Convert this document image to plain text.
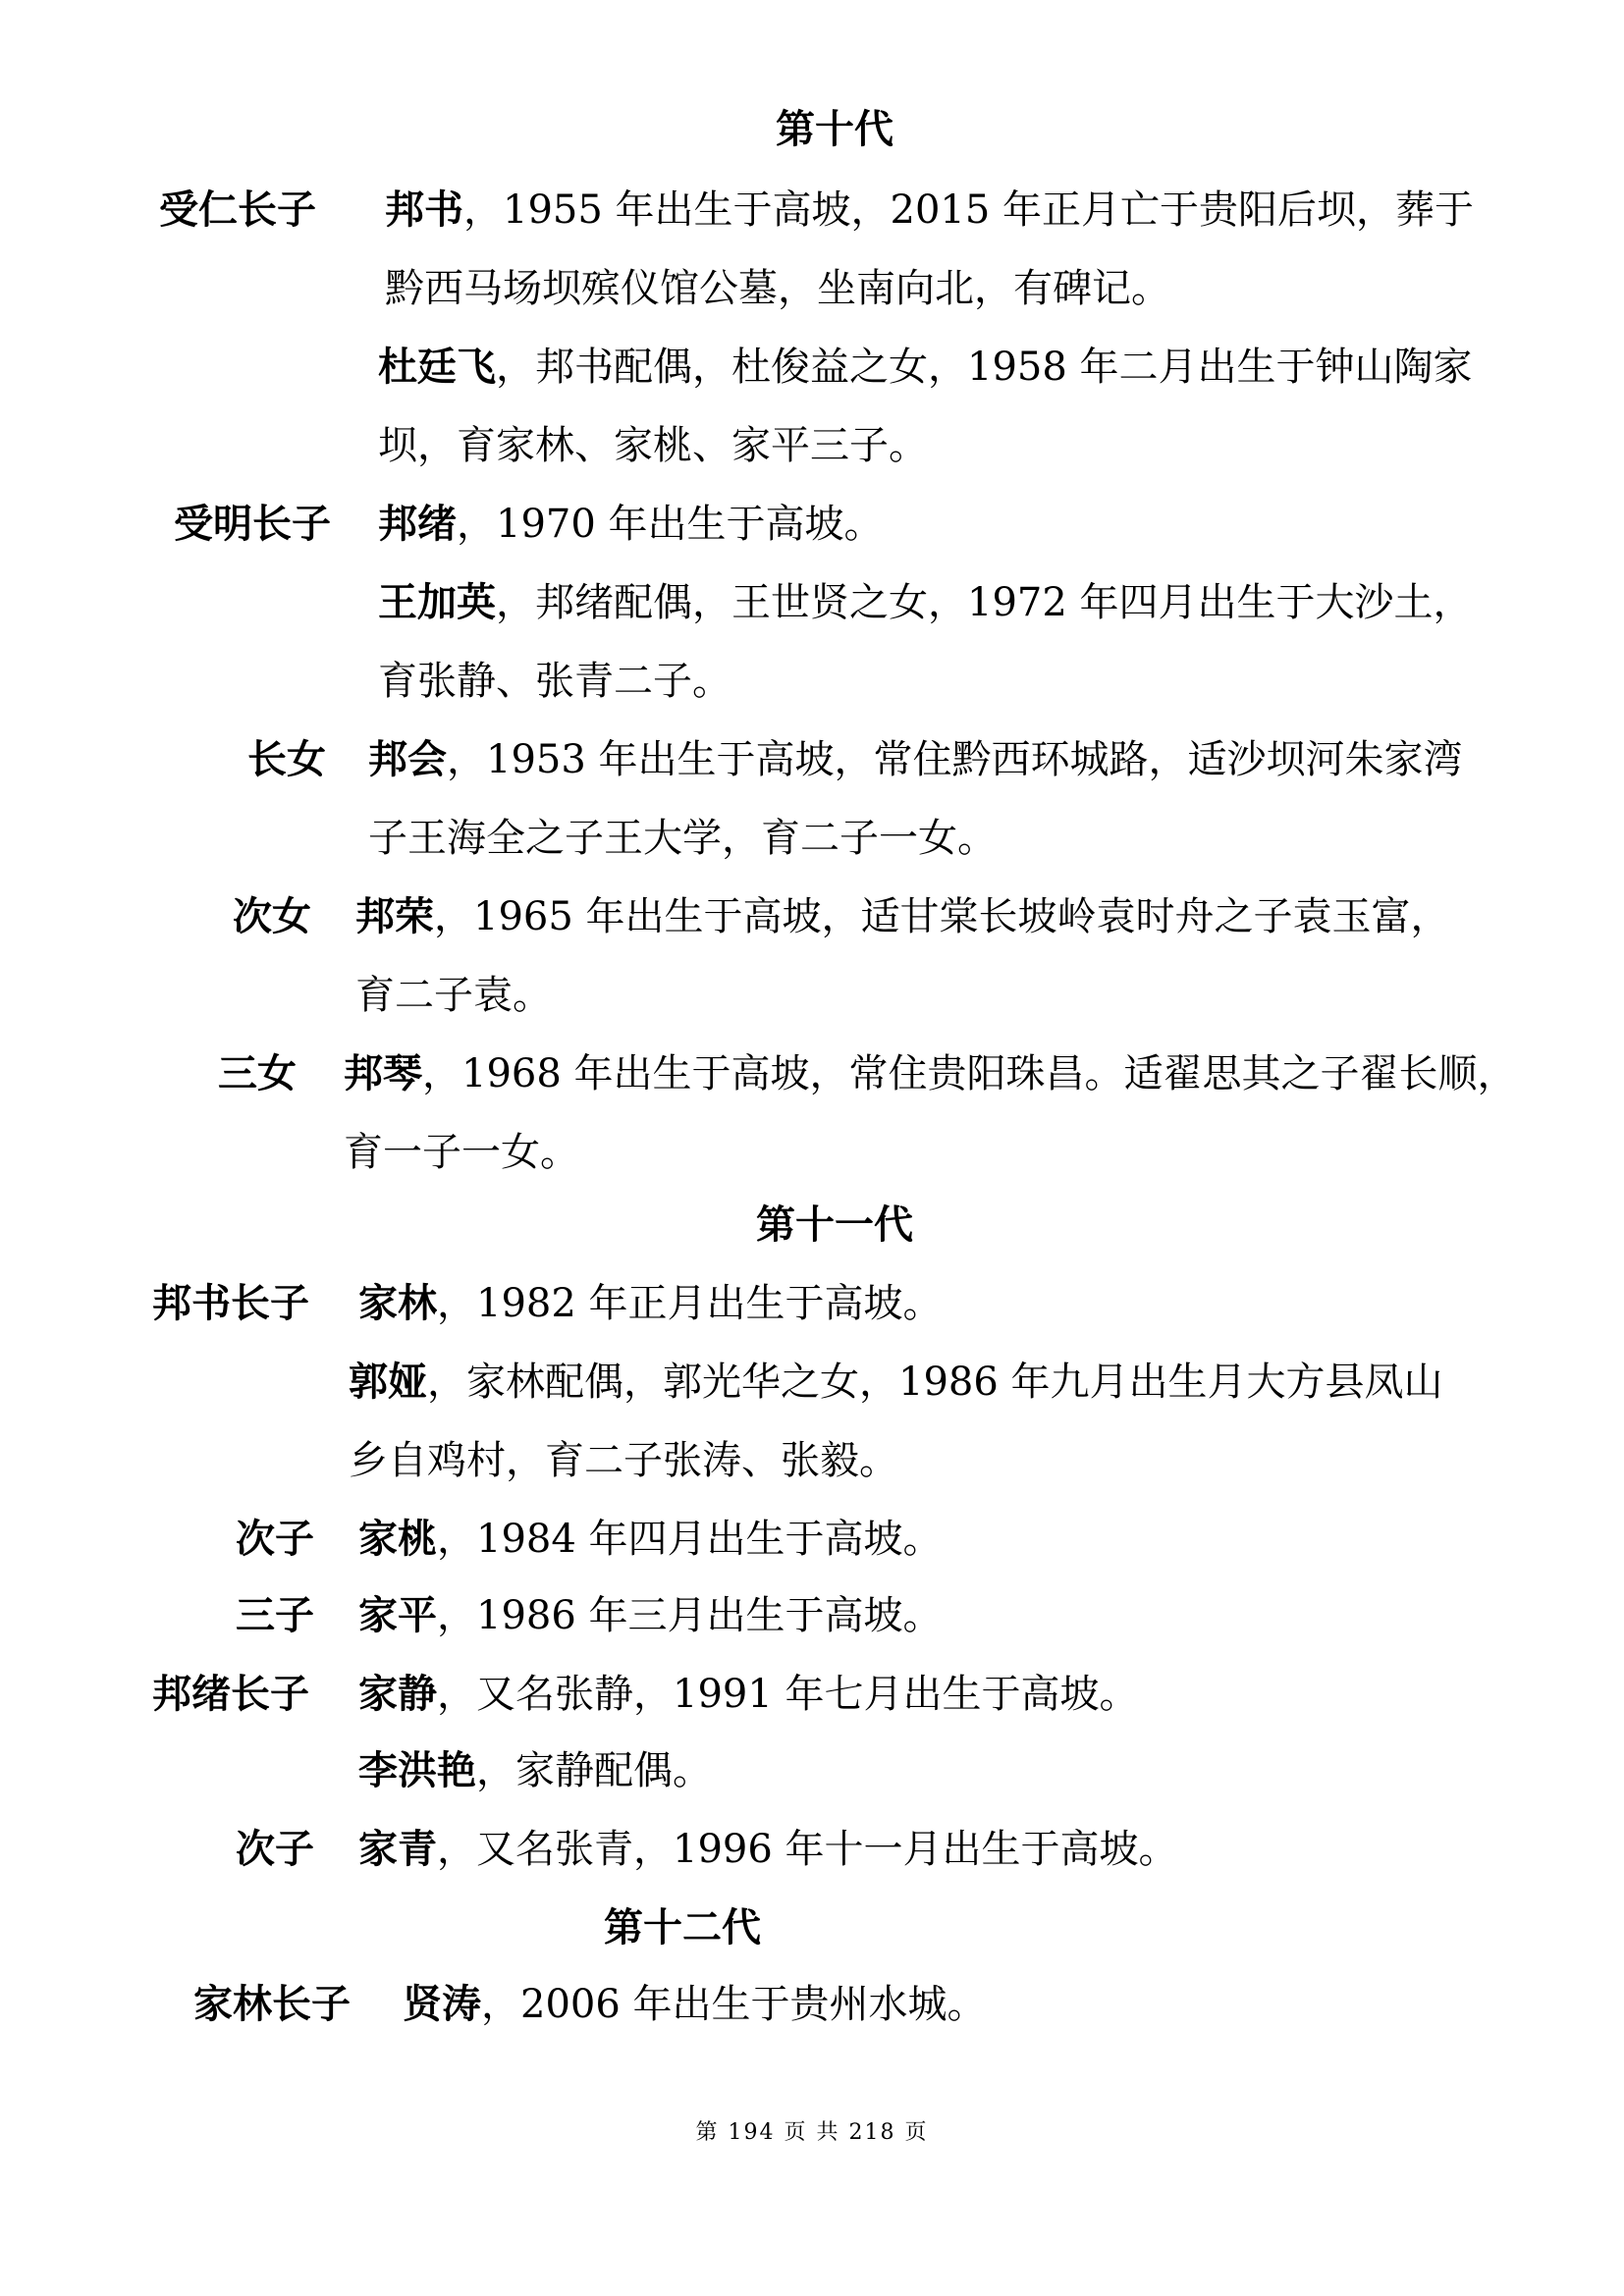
第十代
受仁长子 邦书，1955 年出生于高坡，2015 年正月亡于贵阳后坝，葬于
黔西马场坝殡仪馆公墓，坐南向北，有碑记。
杜廷飞，邦书配偶，杜俊益之女，1958 年二月出生于钟山陶家
坝，育家林、家桃、家平三子。
受明长子 邦绪，1970 年出生于高坡。
王加英，邦绪配偶，王世贤之女，1972 年四月出生于大沙土，
育张静、张青二子。
长女 邦会，1953 年出生于高坡，常住黔西环城路，适沙坝河朱家湾
子王海全之子王大学，育二子一女。
次女 邦荣，1965 年出生于高坡，适甘棠长坡岭袁时舟之子袁玉富，
育二子袁。
三女 邦琴，1968 年出生于高坡，常住贵阳珠昌。适翟思其之子翟长顺，
育一子一女。
第十一代
邦书长子 家林，1982 年正月出生于高坡。
郭娅，家林配偶，郭光华之女，1986 年九月出生月大方县凤山
乡自鸡村，育二子张涛、张毅。
次子 家桃，1984 年四月出生于高坡。
三子 家平，1986 年三月出生于高坡。
邦绪长子 家静，又名张静，1991 年七月出生于高坡。
李洪艳，家静配偶。
次子 家青，又名张青，1996 年十一月出生于高坡。
第十二代
家林长子 贤涛，2006 年出生于贵州水城。
第 194 页 共 218 页
